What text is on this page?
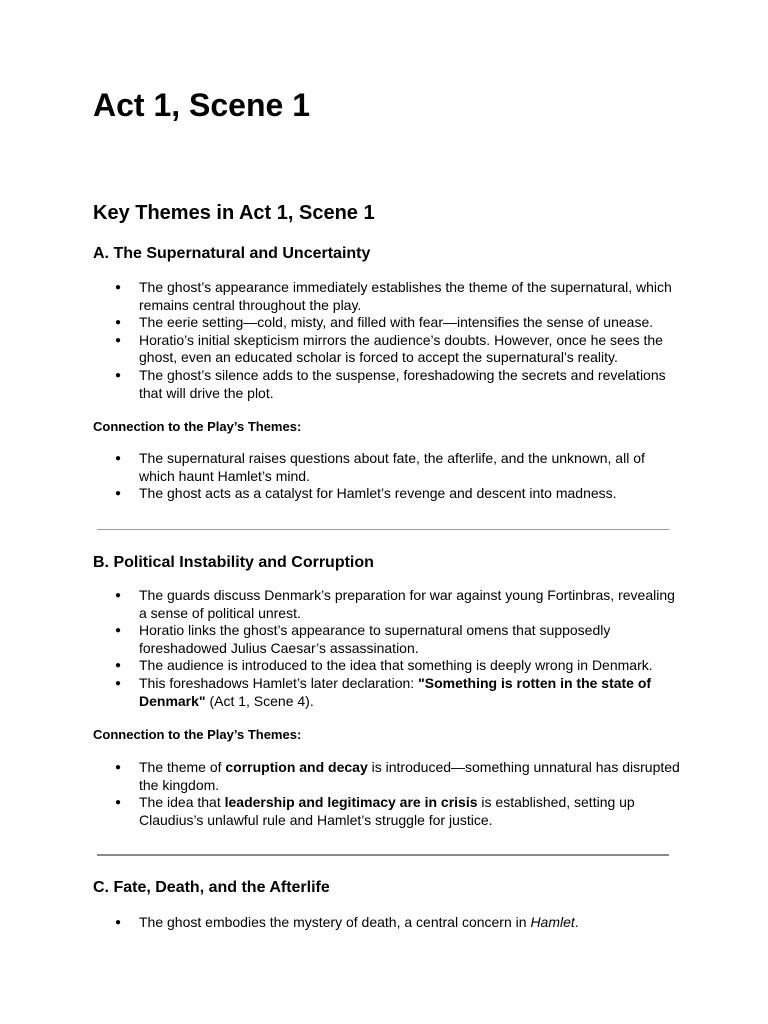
Act 1, Scene 1
Key Themes in Act 1, Scene 1
A. The Supernatural and Uncertainty
● The ghost’s appearance immediately establishes the theme of the supernatural, which remains central throughout the play.
● The eerie setting—cold, misty, and filled with fear—intensifies the sense of unease.
● Horatio’s initial skepticism mirrors the audience’s doubts. However, once he sees the ghost, even an educated scholar is forced to accept the supernatural’s reality.
● The ghost’s silence adds to the suspense, foreshadowing the secrets and revelations that will drive the plot.

Connection to the Play’s Themes:

● The supernatural raises questions about fate, the afterlife, and the unknown, all of which haunt Hamlet’s mind.
● The ghost acts as a catalyst for Hamlet’s revenge and descent into madness.
B. Political Instability and Corruption
● The guards discuss Denmark’s preparation for war against young Fortinbras, revealing a sense of political unrest.
● Horatio links the ghost’s appearance to supernatural omens that supposedly foreshadowed Julius Caesar’s assassination.
● The audience is introduced to the idea that something is deeply wrong in Denmark.
● This foreshadows Hamlet’s later declaration: "Something is rotten in the state of Denmark" (Act 1, Scene 4).

Connection to the Play’s Themes:

● The theme of corruption and decay is introduced—something unnatural has disrupted the kingdom.
● The idea that leadership and legitimacy are in crisis is established, setting up Claudius’s unlawful rule and Hamlet’s struggle for justice.
C. Fate, Death, and the Afterlife
● The ghost embodies the mystery of death, a central concern in Hamlet.
